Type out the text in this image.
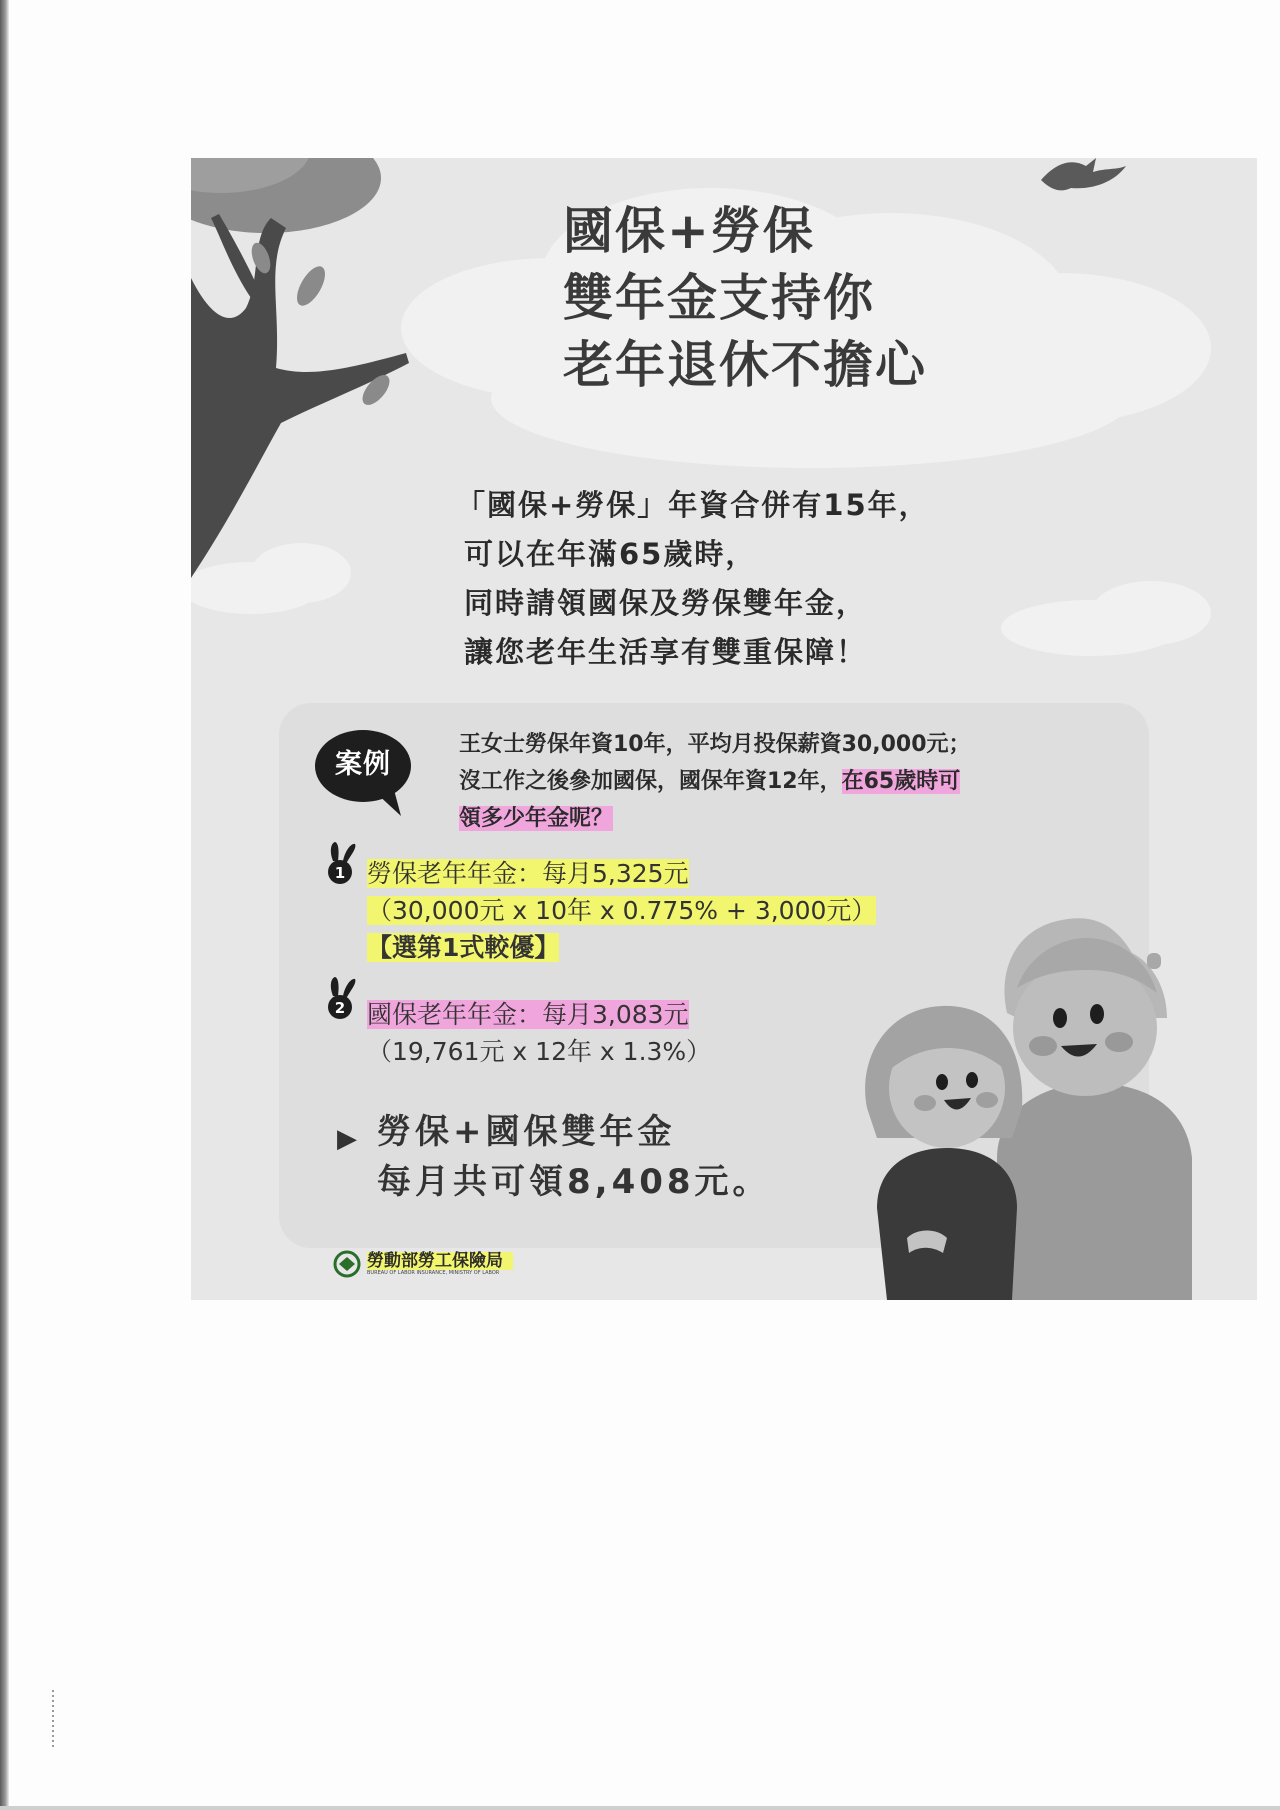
國保+勞保
雙年金支持你
老年退休不擔心

「國保+勞保」年資合併有15年，
可以在年滿65歲時，
同時請領國保及勞保雙年金，
讓您老年生活享有雙重保障！

案例
王女士勞保年資10年，平均月投保薪資30,000元；
沒工作之後參加國保，國保年資12年，在65歲時可
領多少年金呢？
1 勞保老年年金：每月5,325元
（30,000元 x 10年 x 0.775% + 3,000元）
【選第1式較優】
2 國保老年年金：每月3,083元
（19,761元 x 12年 x 1.3%）
▶ 勞保+國保雙年金
每月共可領8,408元。
勞動部勞工保險局
BUREAU OF LABOR INSURANCE, MINISTRY OF LABOR
